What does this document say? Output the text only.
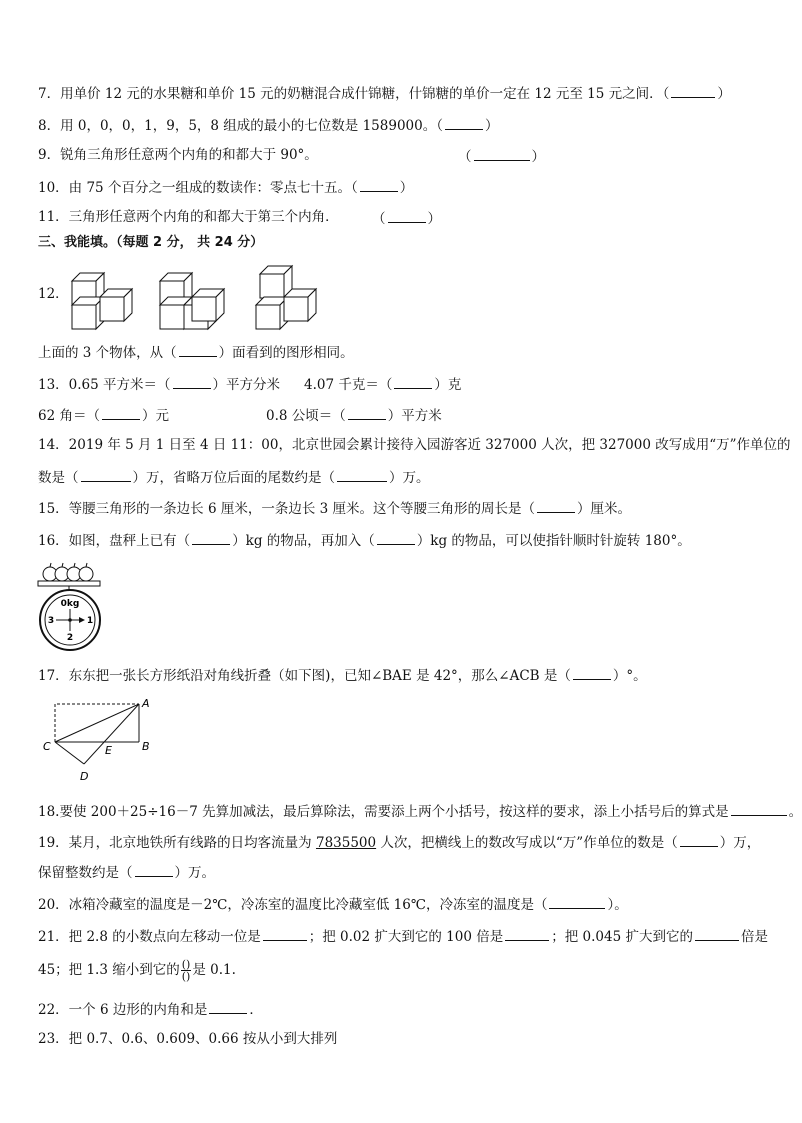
7．用单价 12 元的水果糖和单价 15 元的奶糖混合成什锦糖，什锦糖的单价一定在 12 元至 15 元之间．（	）
8．用 0，0，0，1，9，5，8 组成的最小的七位数是 1589000。（	）
9．锐角三角形任意两个内角的和都大于 90°。	（	）
10．由 75 个百分之一组成的数读作：零点七十五。（	）
11．三角形任意两个内角的和都大于第三个内角． （	）
三、我能填。（每题 2 分， 共 24 分）
12．
上面的 3 个物体，从（	）面看到的图形相同。
13．0.65 平方米＝（	）平方分米 4.07 千克＝（	）克
62 角＝（	）元	0.8 公顷＝（	）平方米
14．2019 年 5 月 1 日至 4 日 11：00，北京世园会累计接待入园游客近 327000 人次，把 327000 改写成用“万”作单位的
数是（	）万，省略万位后面的尾数约是（	）万。
15．等腰三角形的一条边长 6 厘米，一条边长 3 厘米。这个等腰三角形的周长是（	）厘米。
16．如图，盘秤上已有（	）kg 的物品，再加入（	）kg 的物品，可以使指针顺时针旋转 180°。
0kg
3	1
2
17．东东把一张长方形纸沿对角线折叠（如下图)，已知∠BAE 是 42°，那么∠ACB 是（	）°。
A
B
C
D
E
18.要使 200＋25÷16－7 先算加减法，最后算除法，需要添上两个小括号，按这样的要求，添上小括号后的算式是	。
19．某月，北京地铁所有线路的日均客流量为 7835500 人次，把横线上的数改写成以“万”作单位的数是（	）万，
保留整数约是（	）万。
20．冰箱冷藏室的温度是－2℃，冷冻室的温度比冷藏室低 16℃，冷冻室的温度是（	）。
21．把 2.8 的小数点向左移动一位是	；把 0.02 扩大到它的 100 倍是	；把 0.045 扩大到它的	倍是
45；把 1.3 缩小到它的 $\frac{()}{()}$ 是 0.1.
22．一个 6 边形的内角和是	．
23．把 0.7、0.6、0.609、0.66 按从小到大排列
